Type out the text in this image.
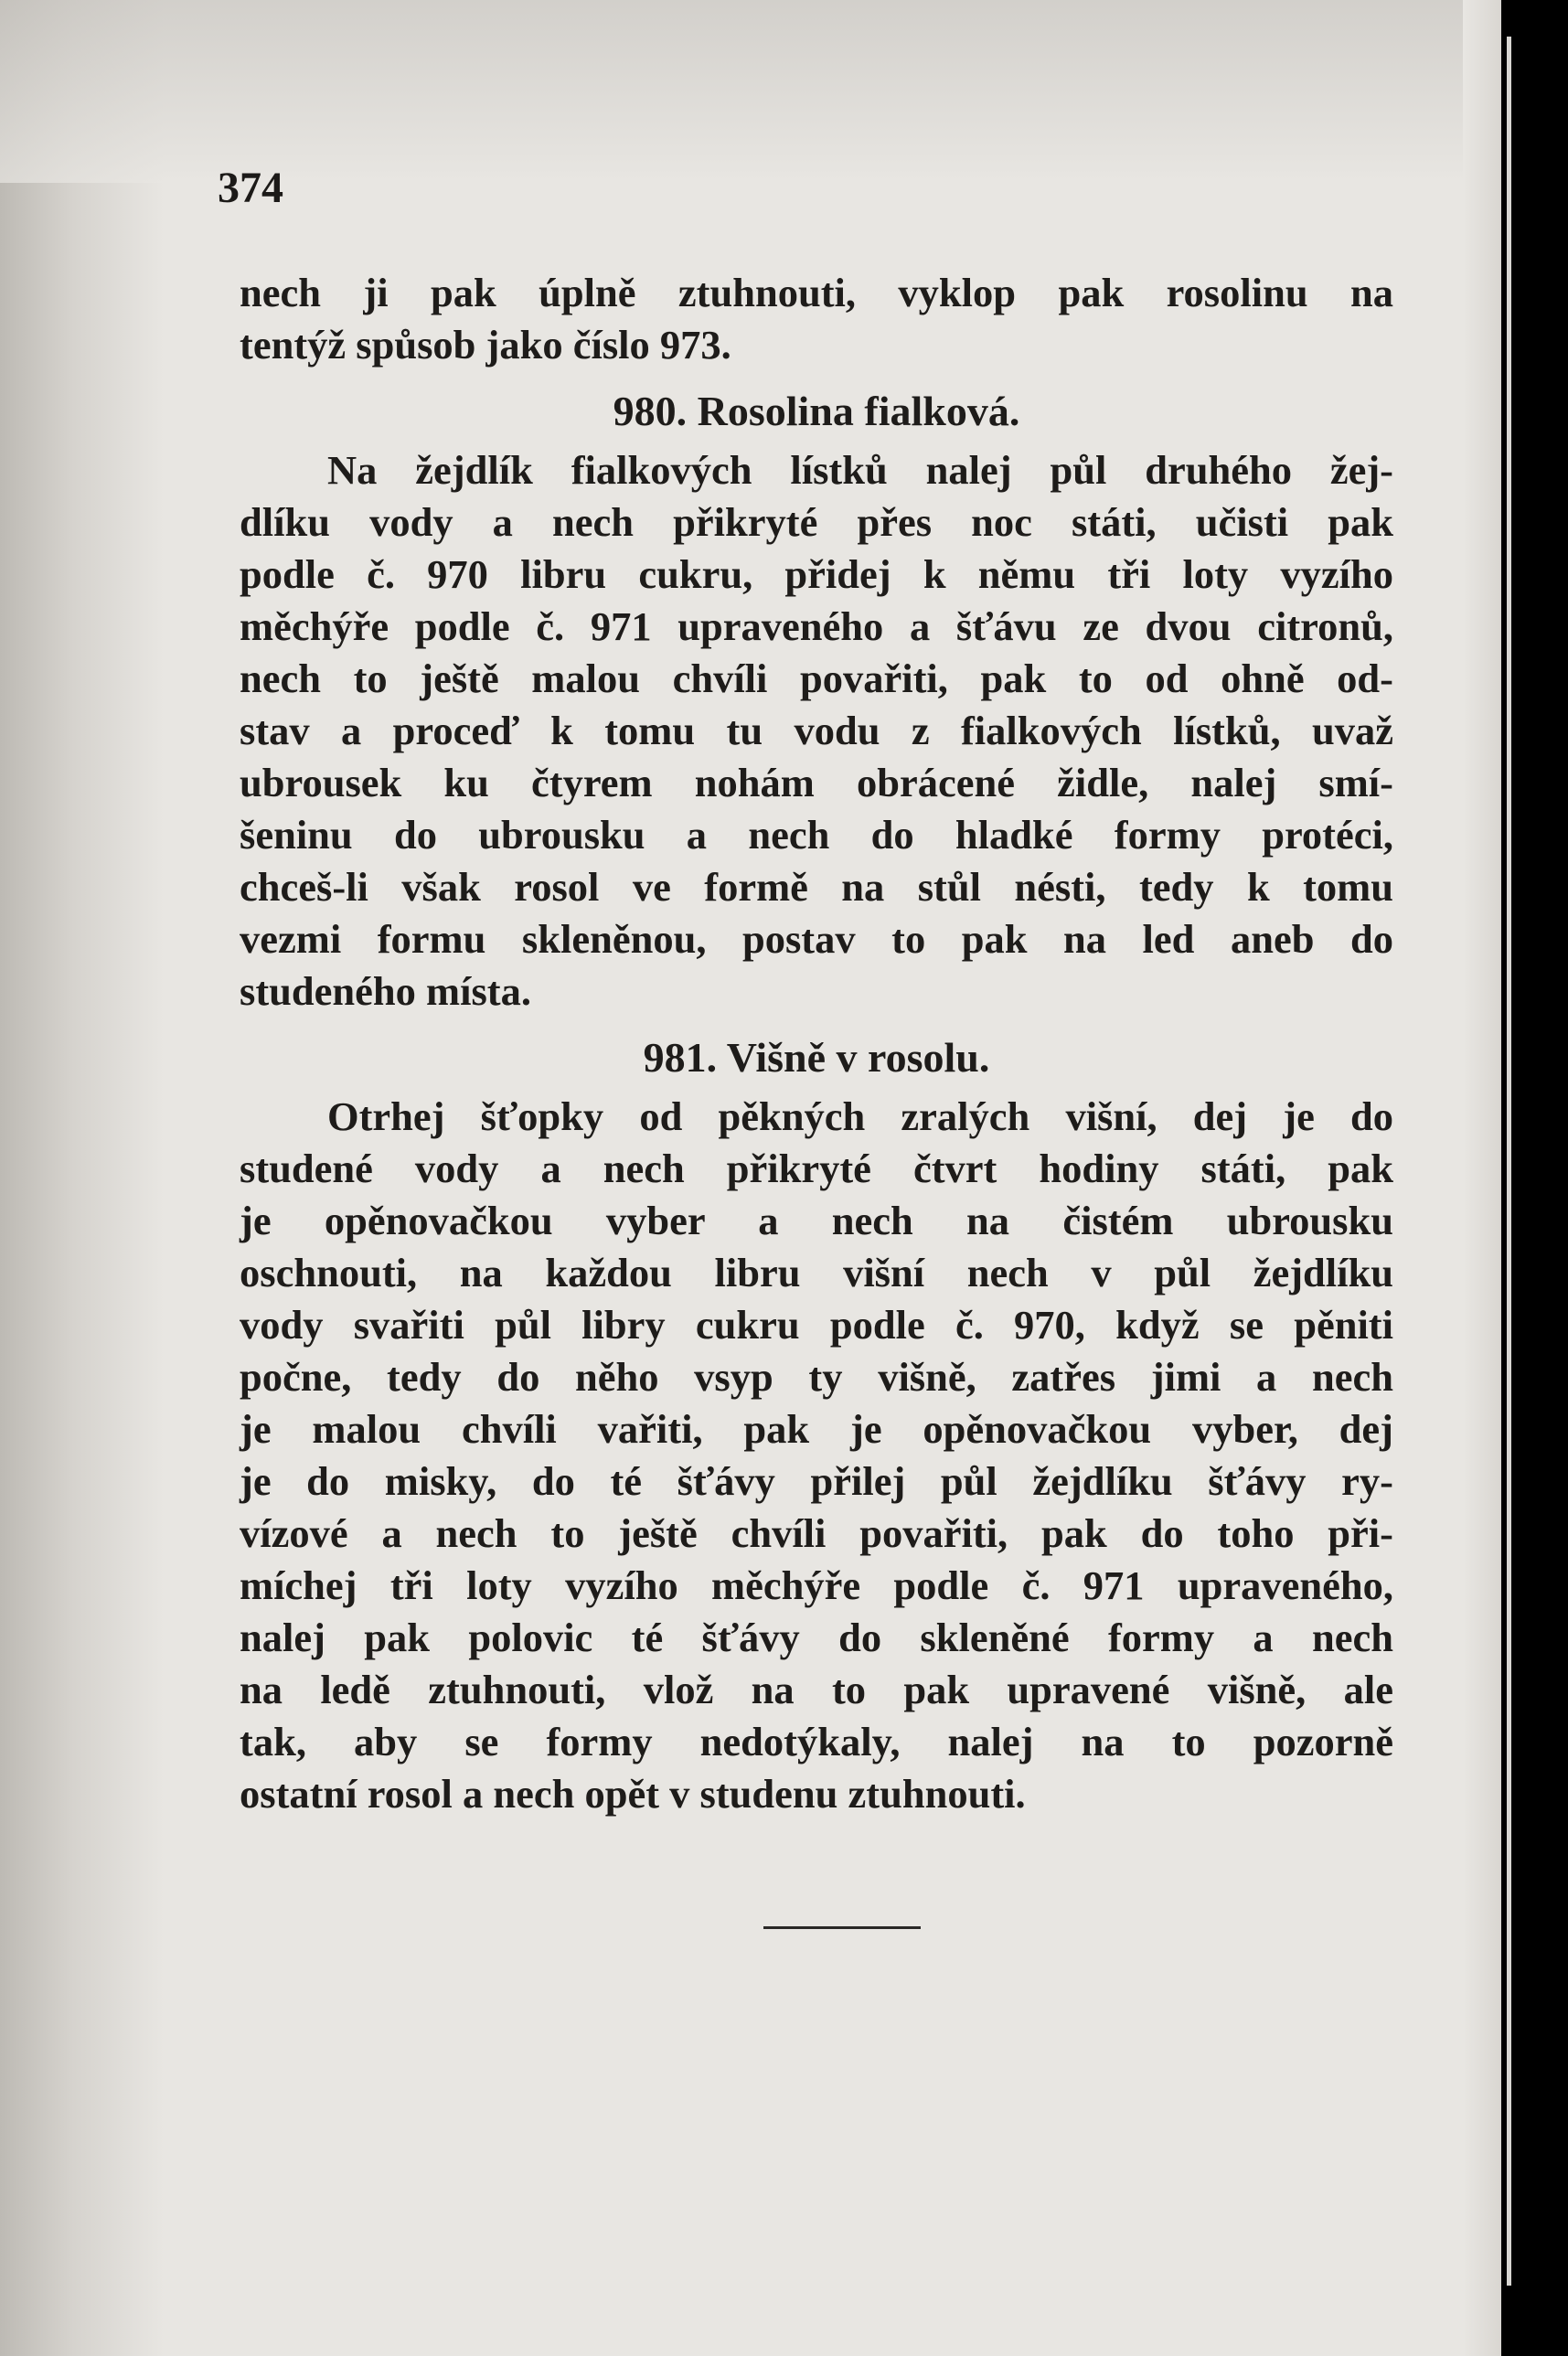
374
nech ji pak úplně ztuhnouti, vyklop pak rosolinu na
tentýž spůsob jako číslo 973.
980. Rosolina fialková.
Na žejdlík fialkových lístků nalej půl druhého žej-
dlíku vody a nech přikryté přes noc státi, učisti pak
podle č. 970 libru cukru, přidej k němu tři loty vyzího
měchýře podle č. 971 upraveného a šťávu ze dvou citronů,
nech to ještě malou chvíli povařiti, pak to od ohně od-
stav a proceď k tomu tu vodu z fialkových lístků, uvaž
ubrousek ku čtyrem nohám obrácené židle, nalej smí-
šeninu do ubrousku a nech do hladké formy protéci,
chceš-li však rosol ve formě na stůl nésti, tedy k tomu
vezmi formu skleněnou, postav to pak na led aneb do
studeného místa.
981. Višně v rosolu.
Otrhej šťopky od pěkných zralých višní, dej je do
studené vody a nech přikryté čtvrt hodiny státi, pak
je opěnovačkou vyber a nech na čistém ubrousku
oschnouti, na každou libru višní nech v půl žejdlíku
vody svařiti půl libry cukru podle č. 970, když se pěniti
počne, tedy do něho vsyp ty višně, zatřes jimi a nech
je malou chvíli vařiti, pak je opěnovačkou vyber, dej
je do misky, do té šťávy přilej půl žejdlíku šťávy ry-
vízové a nech to ještě chvíli povařiti, pak do toho při-
míchej tři loty vyzího měchýře podle č. 971 upraveného,
nalej pak polovic té šťávy do skleněné formy a nech
na ledě ztuhnouti, vlož na to pak upravené višně, ale
tak, aby se formy nedotýkaly, nalej na to pozorně
ostatní rosol a nech opět v studenu ztuhnouti.
